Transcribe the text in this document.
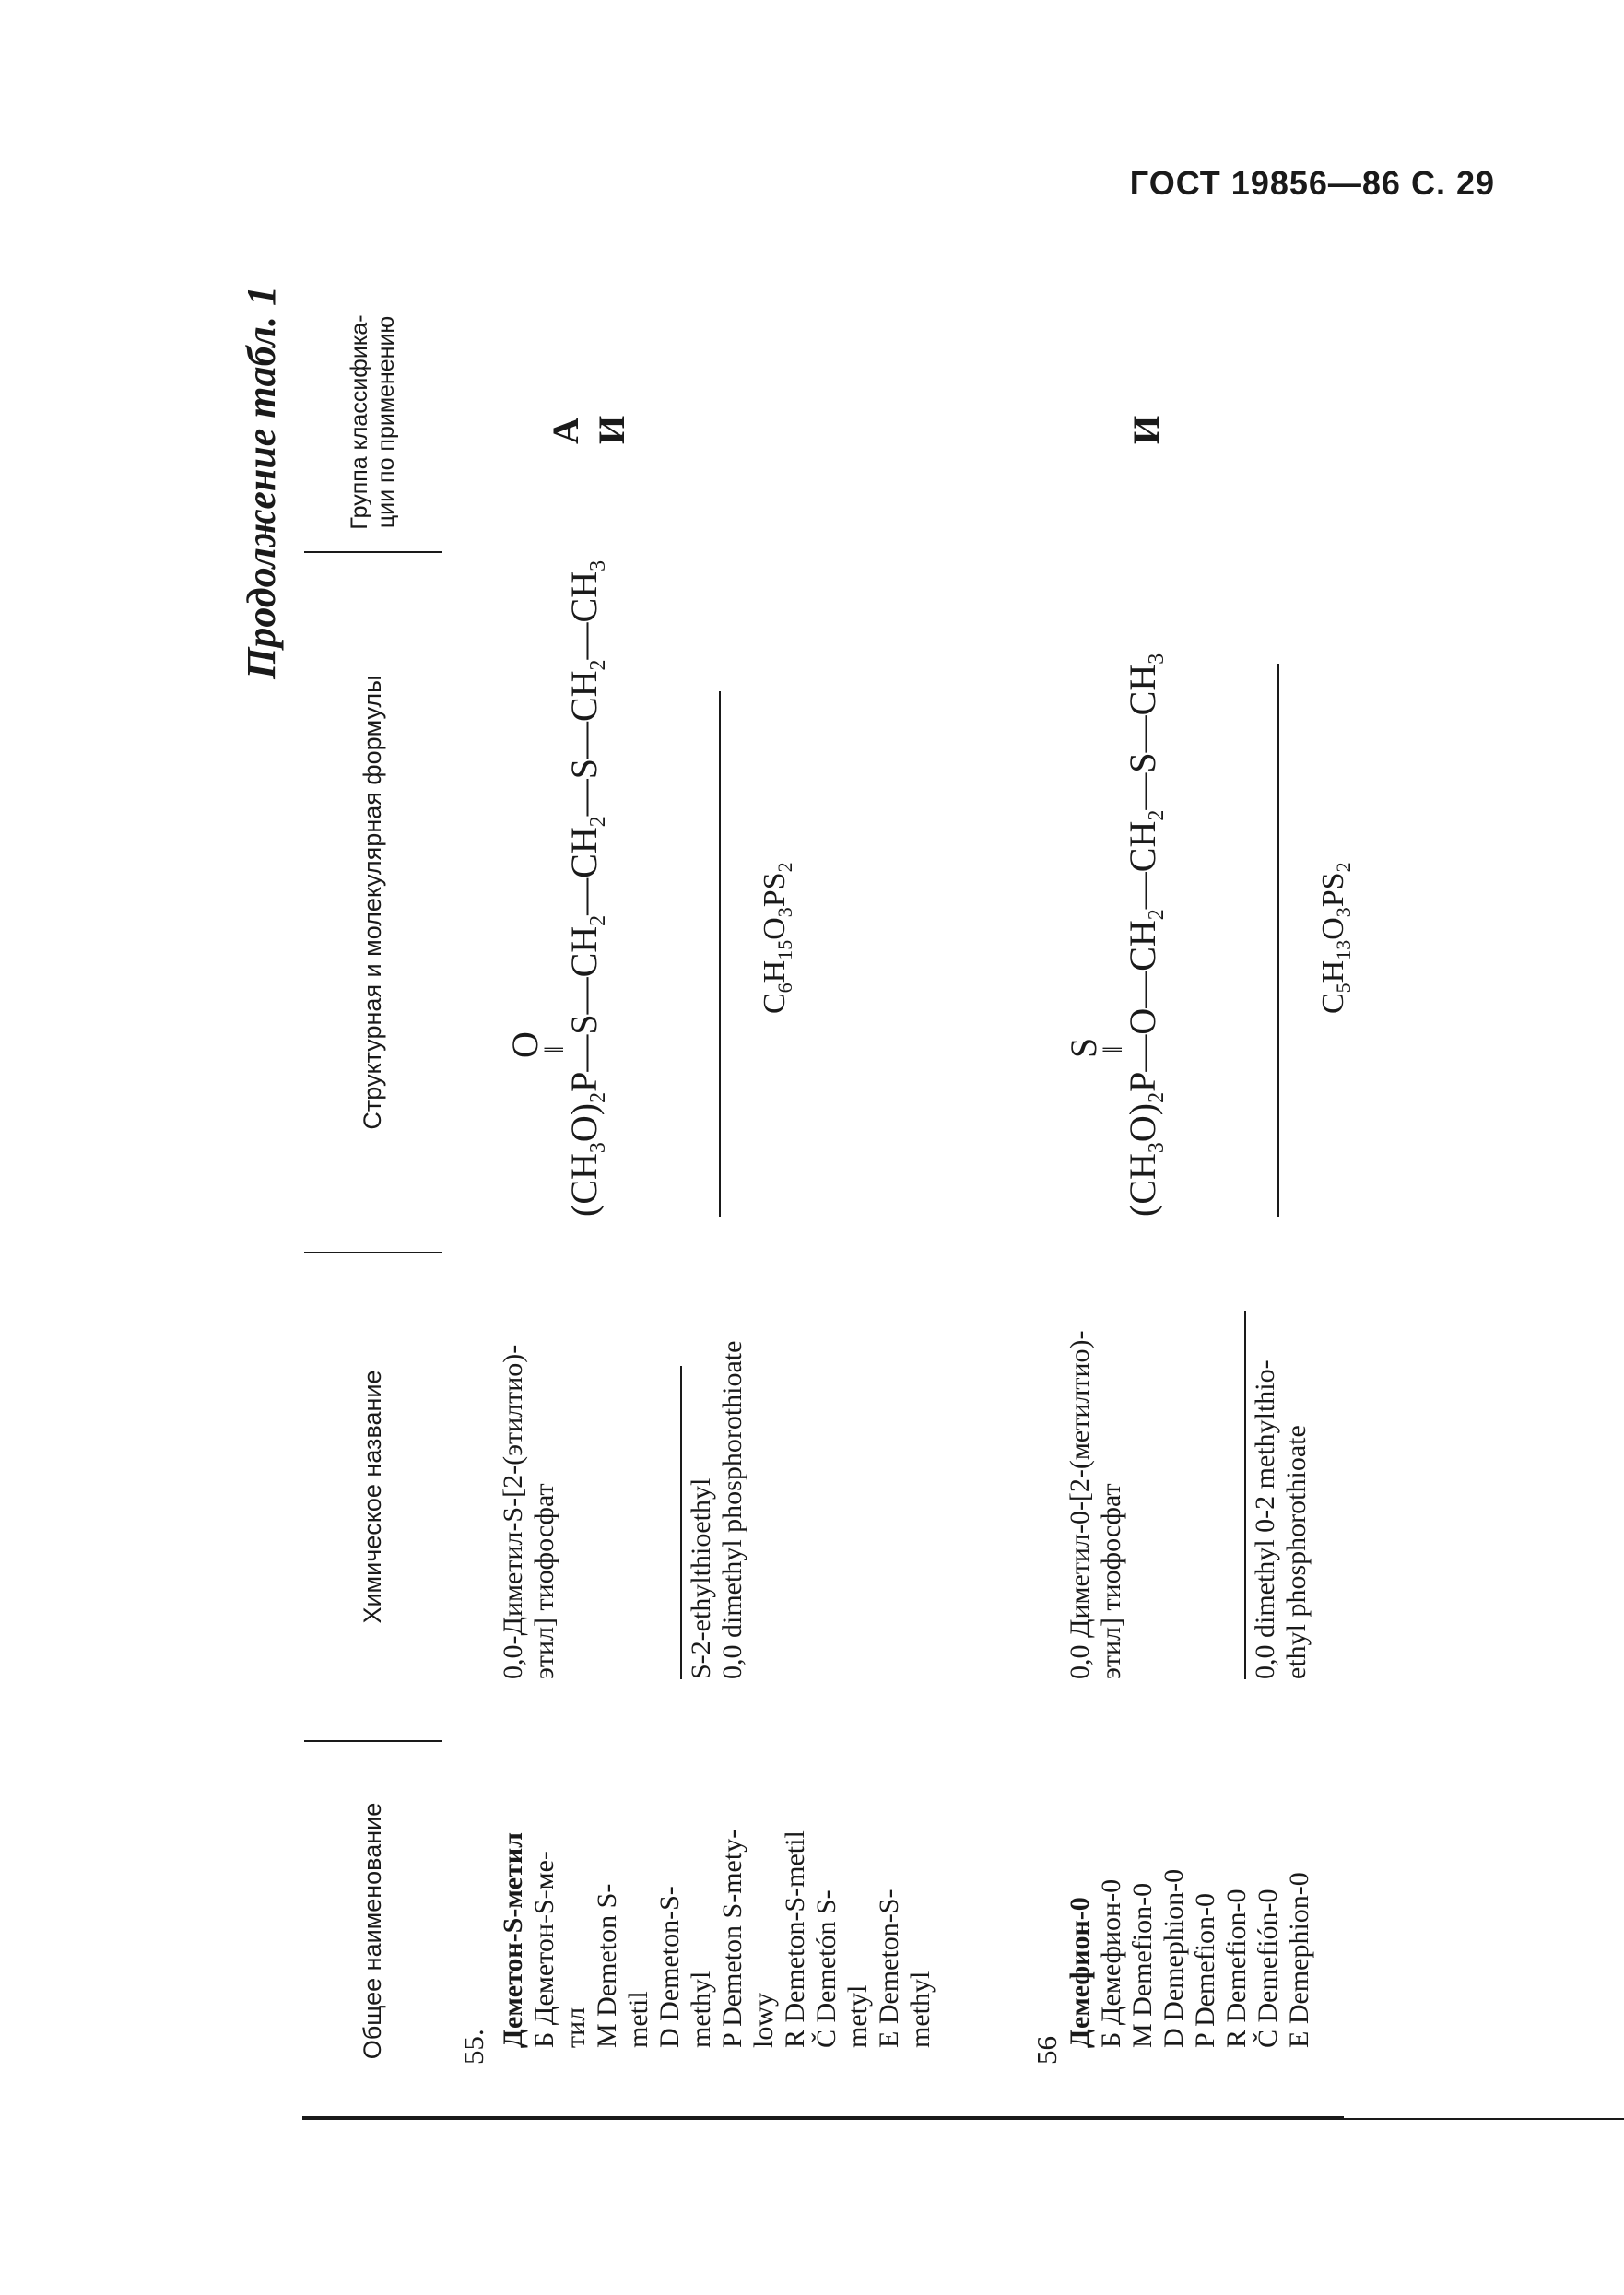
ГОСТ 19856—86 С. 29
Продолжение табл. 1
Общее наименование
Химическое название
Структурная и молекулярная формулы
Группа классифика- ции по применению
55. Деметон-S-метил Б Деметон-S-ме- тил М Demeton S- metil D Demeton-S- methyl P Demeton S-mety- lowy R Demeton-S-metil Č Demetón S- metyl E Demeton-S- methyl
0,0-Диметил-S-[2-(этилтио)- этил] тиофосфат	S-2-ethylthioethyl 0,0 dimethyl phosphorothioate
O
‖
$(CH_3O)_2P—S—CH_2—CH_2—S—CH_2—CH_3$
$C_6H_{15}O_3PS_2$
А И
56
Демефион-0 Б Демефион-0 М Demefion-0 D Demephion-0 P Demefion-0 R Demefion-0 Č Demefión-0 E Demephion-0
0,0 Диметил-0-[2-(метилтио)- этил] тиофосфат	0,0 dimethyl 0-2 methylthio- ethyl phosphorothioate
S
‖
$(CH_3O)_2P—O—CH_2—CH_2—S—CH_3$
$C_5H_{13}O_3PS_2$
И
